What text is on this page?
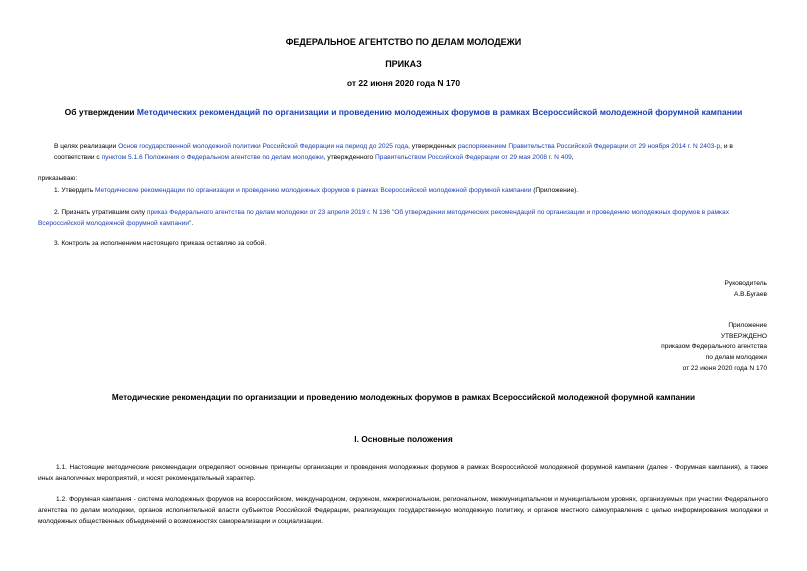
ФЕДЕРАЛЬНОЕ АГЕНТСТВО ПО ДЕЛАМ МОЛОДЕЖИ
ПРИКАЗ
от 22 июня 2020 года N 170
Об утверждении Методических рекомендаций по организации и проведению молодежных форумов в рамках Всероссийской молодежной форумной кампании
В целях реализации Основ государственной молодежной политики Российской Федерации на период до 2025 года, утвержденных распоряжением Правительства Российской Федерации от 29 ноября 2014 г. N 2403-р, и в соответствии с пунктом 5.1.6 Положения о Федеральном агентстве по делам молодежи, утвержденного Правительством Российской Федерации от 29 мая 2008 г. N 409,
приказываю:
1. Утвердить Методические рекомендации по организации и проведению молодежных форумов в рамках Всероссийской молодежной форумной кампании (Приложение).
2. Признать утратившим силу приказ Федерального агентства по делам молодежи от 23 апреля 2019 г. N 136 "Об утверждении методических рекомендаций по организации и проведению молодежных форумов в рамках Всероссийской молодежной форумной кампании".
3. Контроль за исполнением настоящего приказа оставляю за собой.
Руководитель
А.В.Бугаев
Приложение
УТВЕРЖДЕНО
приказом Федерального агентства
по делам молодежи
от 22 июня 2020 года N 170
Методические рекомендации по организации и проведению молодежных форумов в рамках Всероссийской молодежной форумной кампании
I. Основные положения
1.1. Настоящие методические рекомендации определяют основные принципы организации и проведения молодежных форумов в рамках Всероссийской молодежной форумной кампании (далее - Форумная кампания), а также иных аналогичных мероприятий, и носят рекомендательный характер.
1.2. Форумная кампания - система молодежных форумов на всероссийском, международном, окружном, межрегиональном, региональном, межмуниципальном и муниципальном уровнях, организуемых при участии Федерального агентства по делам молодежи, органов исполнительной власти субъектов Российской Федерации, реализующих государственную молодежную политику, и органов местного самоуправления с целью информирования молодежи и молодежных общественных объединений о возможностях самореализации и социализации.
